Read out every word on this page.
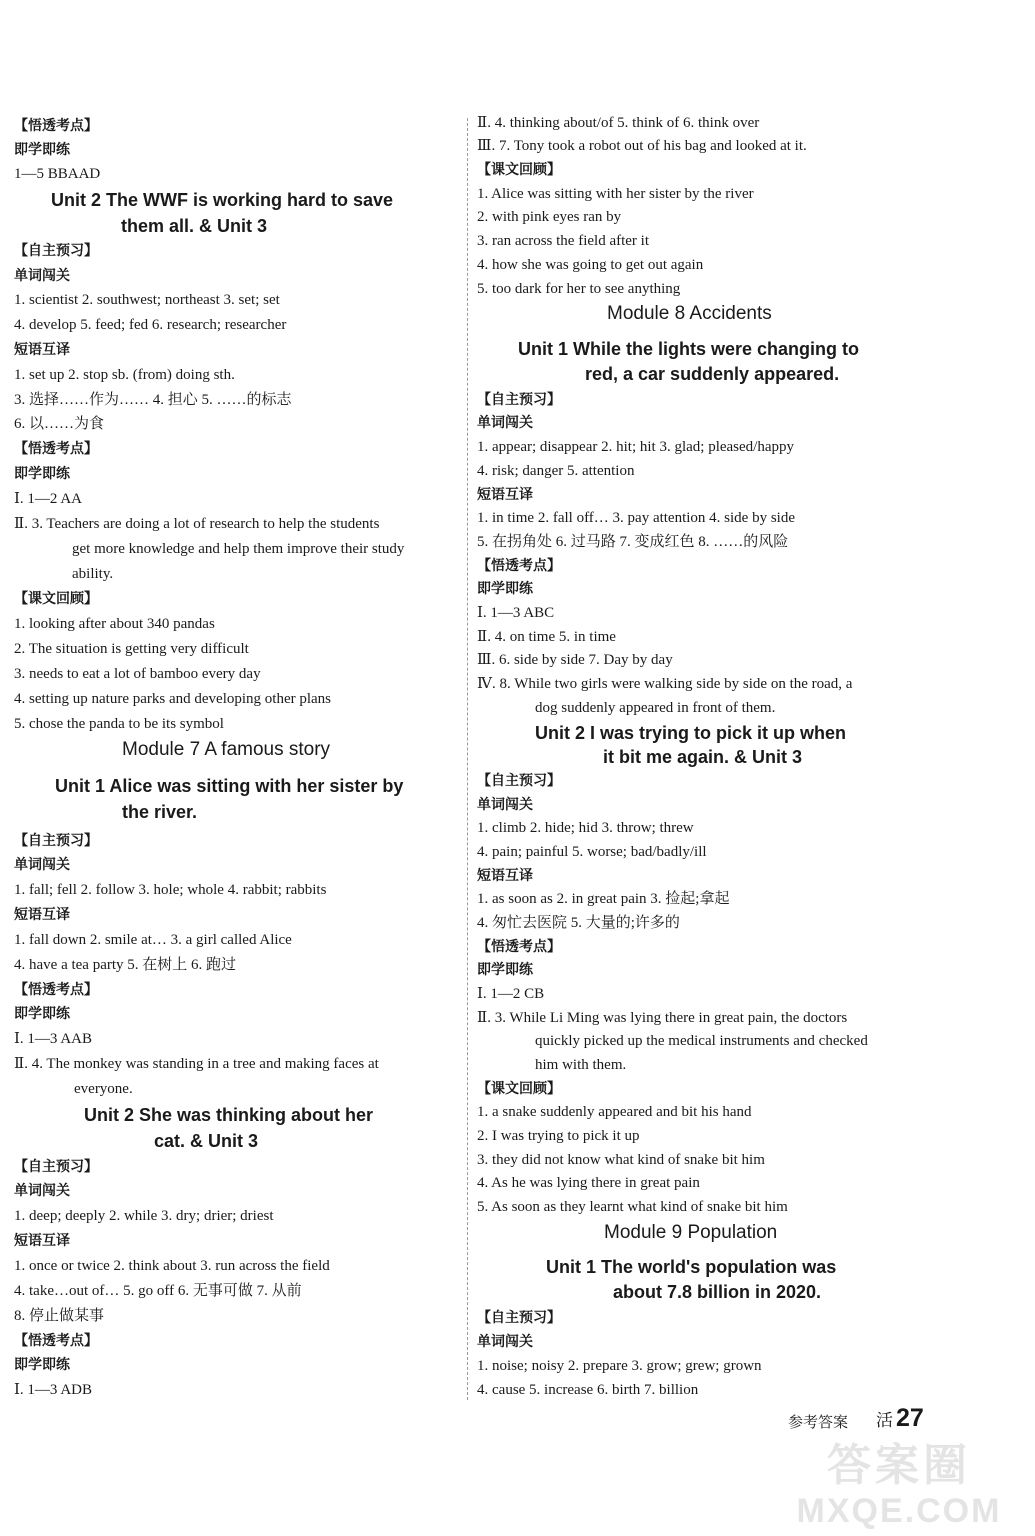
【悟透考点】
即学即练
1—5 BBAAD
Unit 2 The WWF is working hard to save
them all. & Unit 3
【自主预习】
单词闯关
1. scientist 2. southwest; northeast 3. set; set
4. develop 5. feed; fed 6. research; researcher
短语互译
1. set up 2. stop sb. (from) doing sth.
3. 选择……作为…… 4. 担心 5. ……的标志
6. 以……为食
【悟透考点】
即学即练
Ⅰ. 1—2 AA
Ⅱ. 3. Teachers are doing a lot of research to help the students
get more knowledge and help them improve their study
ability.
【课文回顾】
1. looking after about 340 pandas
2. The situation is getting very difficult
3. needs to eat a lot of bamboo every day
4. setting up nature parks and developing other plans
5. chose the panda to be its symbol
Module 7 A famous story
Unit 1 Alice was sitting with her sister by
the river.
【自主预习】
单词闯关
1. fall; fell 2. follow 3. hole; whole 4. rabbit; rabbits
短语互译
1. fall down 2. smile at… 3. a girl called Alice
4. have a tea party 5. 在树上 6. 跑过
【悟透考点】
即学即练
Ⅰ. 1—3 AAB
Ⅱ. 4. The monkey was standing in a tree and making faces at
everyone.
Unit 2 She was thinking about her
cat. & Unit 3
【自主预习】
单词闯关
1. deep; deeply 2. while 3. dry; drier; driest
短语互译
1. once or twice 2. think about 3. run across the field
4. take…out of… 5. go off 6. 无事可做 7. 从前
8. 停止做某事
【悟透考点】
即学即练
Ⅰ. 1—3 ADB
Ⅱ. 4. thinking about/of 5. think of 6. think over
Ⅲ. 7. Tony took a robot out of his bag and looked at it.
【课文回顾】
1. Alice was sitting with her sister by the river
2. with pink eyes ran by
3. ran across the field after it
4. how she was going to get out again
5. too dark for her to see anything
Module 8 Accidents
Unit 1 While the lights were changing to
red, a car suddenly appeared.
【自主预习】
单词闯关
1. appear; disappear 2. hit; hit 3. glad; pleased/happy
4. risk; danger 5. attention
短语互译
1. in time 2. fall off… 3. pay attention 4. side by side
5. 在拐角处 6. 过马路 7. 变成红色 8. ……的风险
【悟透考点】
即学即练
Ⅰ. 1—3 ABC
Ⅱ. 4. on time 5. in time
Ⅲ. 6. side by side 7. Day by day
Ⅳ. 8. While two girls were walking side by side on the road, a
dog suddenly appeared in front of them.
Unit 2 I was trying to pick it up when
it bit me again. & Unit 3
【自主预习】
单词闯关
1. climb 2. hide; hid 3. throw; threw
4. pain; painful 5. worse; bad/badly/ill
短语互译
1. as soon as 2. in great pain 3. 捡起;拿起
4. 匆忙去医院 5. 大量的;许多的
【悟透考点】
即学即练
Ⅰ. 1—2 CB
Ⅱ. 3. While Li Ming was lying there in great pain, the doctors
quickly picked up the medical instruments and checked
him with them.
【课文回顾】
1. a snake suddenly appeared and bit his hand
2. I was trying to pick it up
3. they did not know what kind of snake bit him
4. As he was lying there in great pain
5. As soon as they learnt what kind of snake bit him
Module 9 Population
Unit 1 The world's population was
about 7.8 billion in 2020.
【自主预习】
单词闯关
1. noise; noisy 2. prepare 3. grow; grew; grown
4. cause 5. increase 6. birth 7. billion
参考答案 活 27
答案圈
MXQE.COM
